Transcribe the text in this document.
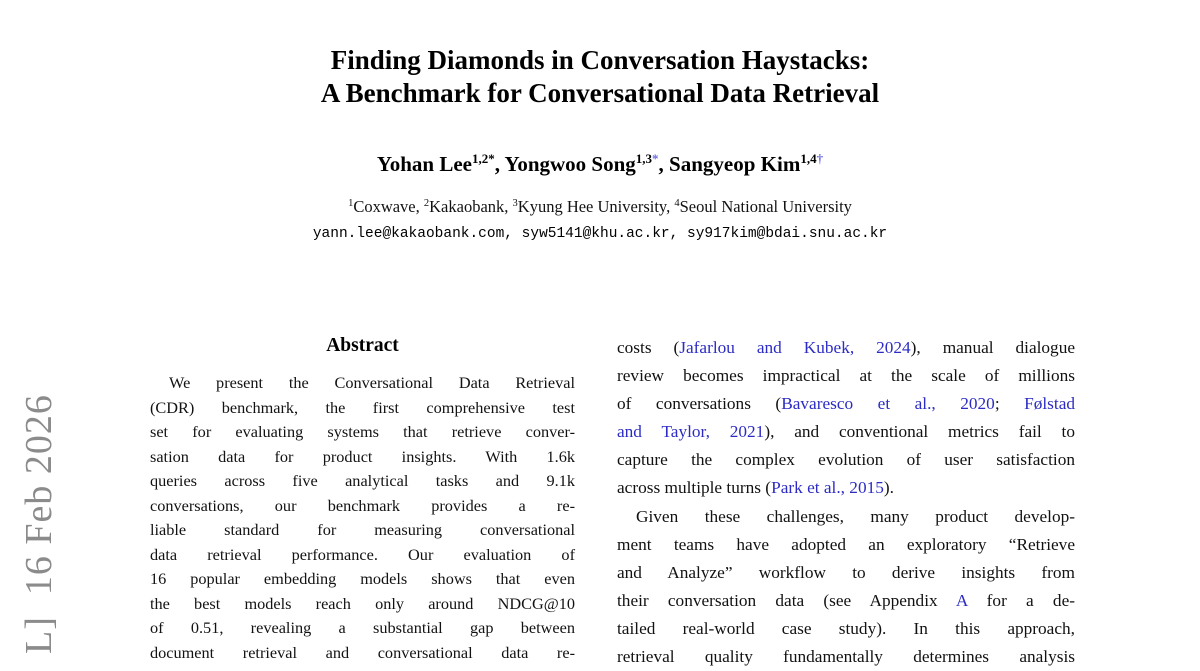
L]  16 Feb 2026
Finding Diamonds in Conversation Haystacks:
A Benchmark for Conversational Data Retrieval
Yohan Lee$^{1,2*}$, Yongwoo Song$^{1,3*}$, Sangyeop Kim$^{1,4\dagger}$
$^1$Coxwave, $^2$Kakaobank, $^3$Kyung Hee University, $^4$Seoul National University
yann.lee@kakaobank.com, syw5141@khu.ac.kr, sy917kim@bdai.snu.ac.kr
Abstract
We present the Conversational Data Retrieval
(CDR) benchmark, the first comprehensive test
set for evaluating systems that retrieve conver-
sation data for product insights. With 1.6k
queries across five analytical tasks and 9.1k
conversations, our benchmark provides a re-
liable standard for measuring conversational
data retrieval performance. Our evaluation of
16 popular embedding models shows that even
the best models reach only around NDCG@10
of 0.51, revealing a substantial gap between
document retrieval and conversational data re-
costs (Jafarlou and Kubek, 2024), manual dialogue
review becomes impractical at the scale of millions
of conversations (Bavaresco et al., 2020; Følstad
and Taylor, 2021), and conventional metrics fail to
capture the complex evolution of user satisfaction
across multiple turns (Park et al., 2015).
Given these challenges, many product develop-
ment teams have adopted an exploratory “Retrieve
and Analyze” workflow to derive insights from
their conversation data (see Appendix A for a de-
tailed real-world case study). In this approach,
retrieval quality fundamentally determines analysis
